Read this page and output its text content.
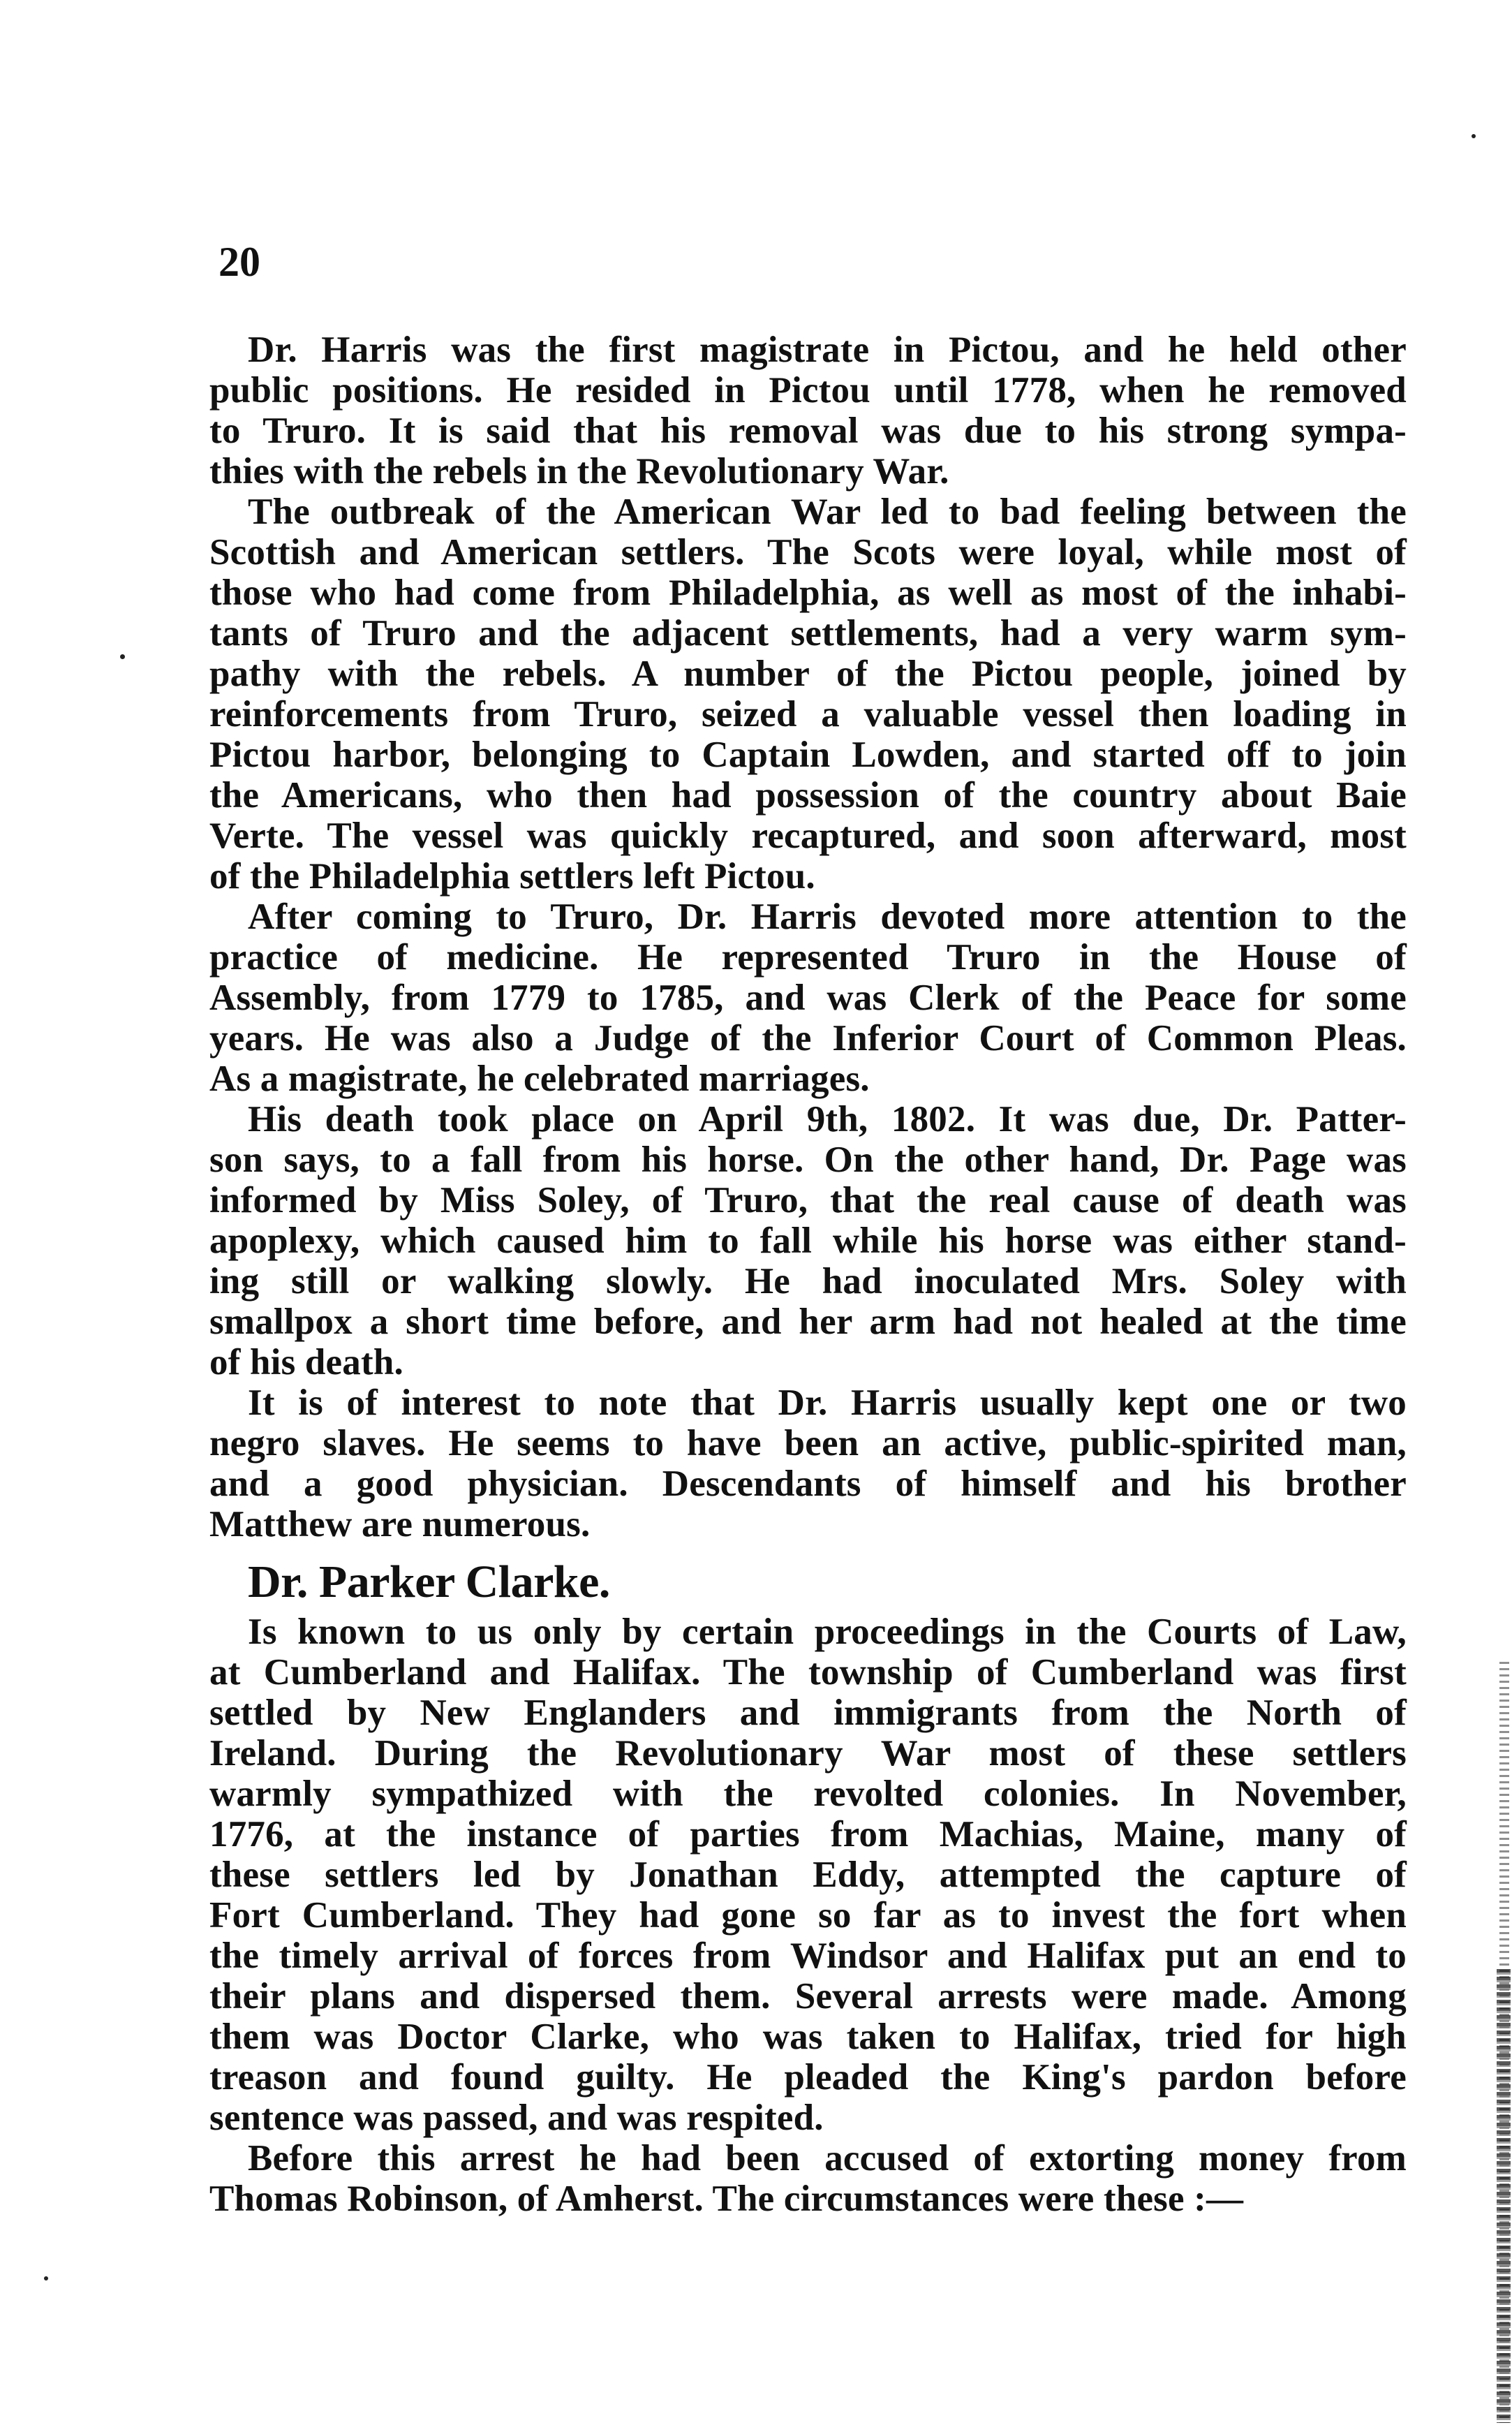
20
Dr. Harris was the first magistrate in Pictou, and he held other
public positions. He resided in Pictou until 1778, when he removed
to Truro. It is said that his removal was due to his strong sympa-
thies with the rebels in the Revolutionary War.
The outbreak of the American War led to bad feeling between the
Scottish and American settlers. The Scots were loyal, while most of
those who had come from Philadelphia, as well as most of the inhabi-
tants of Truro and the adjacent settlements, had a very warm sym-
pathy with the rebels. A number of the Pictou people, joined by
reinforcements from Truro, seized a valuable vessel then loading in
Pictou harbor, belonging to Captain Lowden, and started off to join
the Americans, who then had possession of the country about Baie
Verte. The vessel was quickly recaptured, and soon afterward, most
of the Philadelphia settlers left Pictou.
After coming to Truro, Dr. Harris devoted more attention to the
practice of medicine. He represented Truro in the House of
Assembly, from 1779 to 1785, and was Clerk of the Peace for some
years. He was also a Judge of the Inferior Court of Common Pleas.
As a magistrate, he celebrated marriages.
His death took place on April 9th, 1802. It was due, Dr. Patter-
son says, to a fall from his horse. On the other hand, Dr. Page was
informed by Miss Soley, of Truro, that the real cause of death was
apoplexy, which caused him to fall while his horse was either stand-
ing still or walking slowly. He had inoculated Mrs. Soley with
smallpox a short time before, and her arm had not healed at the time
of his death.
It is of interest to note that Dr. Harris usually kept one or two
negro slaves. He seems to have been an active, public-spirited man,
and a good physician. Descendants of himself and his brother
Matthew are numerous.
Dr. Parker Clarke.
Is known to us only by certain proceedings in the Courts of Law,
at Cumberland and Halifax. The township of Cumberland was first
settled by New Englanders and immigrants from the North of
Ireland. During the Revolutionary War most of these settlers
warmly sympathized with the revolted colonies. In November,
1776, at the instance of parties from Machias, Maine, many of
these settlers led by Jonathan Eddy, attempted the capture of
Fort Cumberland. They had gone so far as to invest the fort when
the timely arrival of forces from Windsor and Halifax put an end to
their plans and dispersed them. Several arrests were made. Among
them was Doctor Clarke, who was taken to Halifax, tried for high
treason and found guilty. He pleaded the King's pardon before
sentence was passed, and was respited.
Before this arrest he had been accused of extorting money from
Thomas Robinson, of Amherst. The circumstances were these :—
